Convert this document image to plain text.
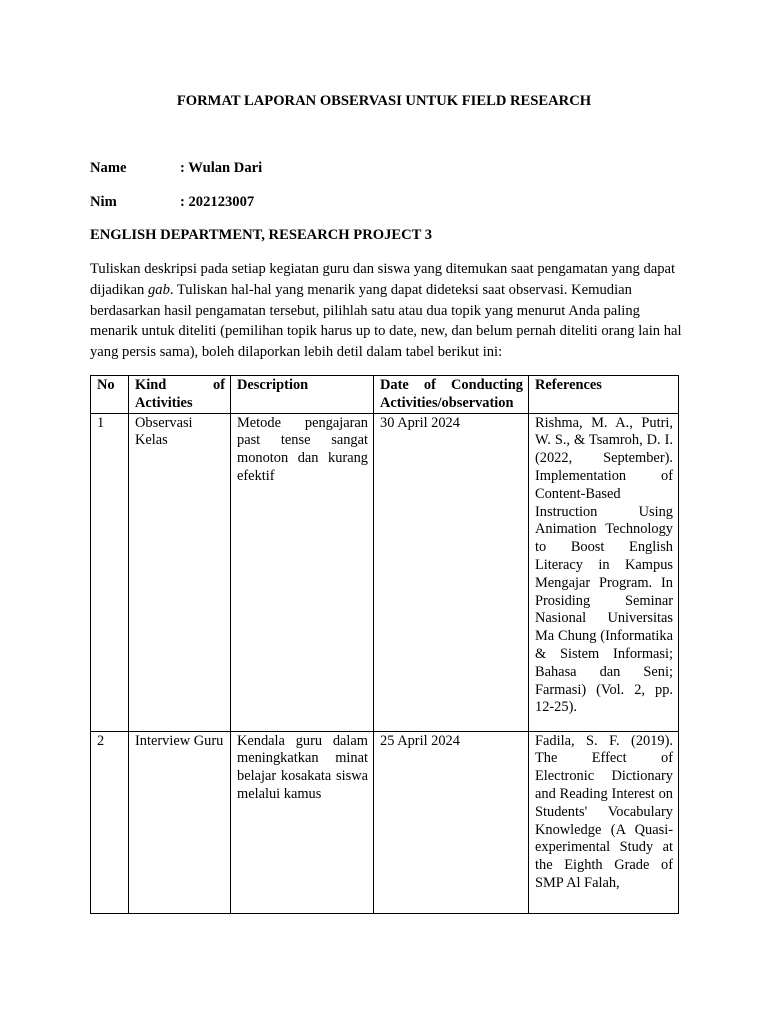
FORMAT LAPORAN OBSERVASI UNTUK FIELD RESEARCH
Name	: Wulan Dari
Nim	: 202123007
ENGLISH DEPARTMENT, RESEARCH PROJECT 3
Tuliskan deskripsi pada setiap kegiatan guru dan siswa yang ditemukan saat pengamatan yang dapat dijadikan gab. Tuliskan hal-hal yang menarik yang dapat dideteksi saat observasi. Kemudian berdasarkan hasil pengamatan tersebut, pilihlah satu atau dua topik yang menurut Anda paling menarik untuk diteliti (pemilihan topik harus up to date, new, dan belum pernah diteliti orang lain hal yang persis sama), boleh dilaporkan lebih detil dalam tabel berikut ini:
No	Kind of Activities	Description	Date of Conducting Activities/observation	References
1	Observasi Kelas	Metode pengajaran past tense sangat monoton dan kurang efektif	30 April 2024	Rishma, M. A., Putri, W. S., & Tsamroh, D. I. (2022, September). Implementation of Content-Based Instruction Using Animation Technology to Boost English Literacy in Kampus Mengajar Program. In Prosiding Seminar Nasional Universitas Ma Chung (Informatika & Sistem Informasi; Bahasa dan Seni; Farmasi) (Vol. 2, pp. 12-25).
2	Interview Guru	Kendala guru dalam meningkatkan minat belajar kosakata siswa melalui kamus	25 April 2024	Fadila, S. F. (2019). The Effect of Electronic Dictionary and Reading Interest on Students' Vocabulary Knowledge (A Quasi-experimental Study at the Eighth Grade of SMP Al Falah,
